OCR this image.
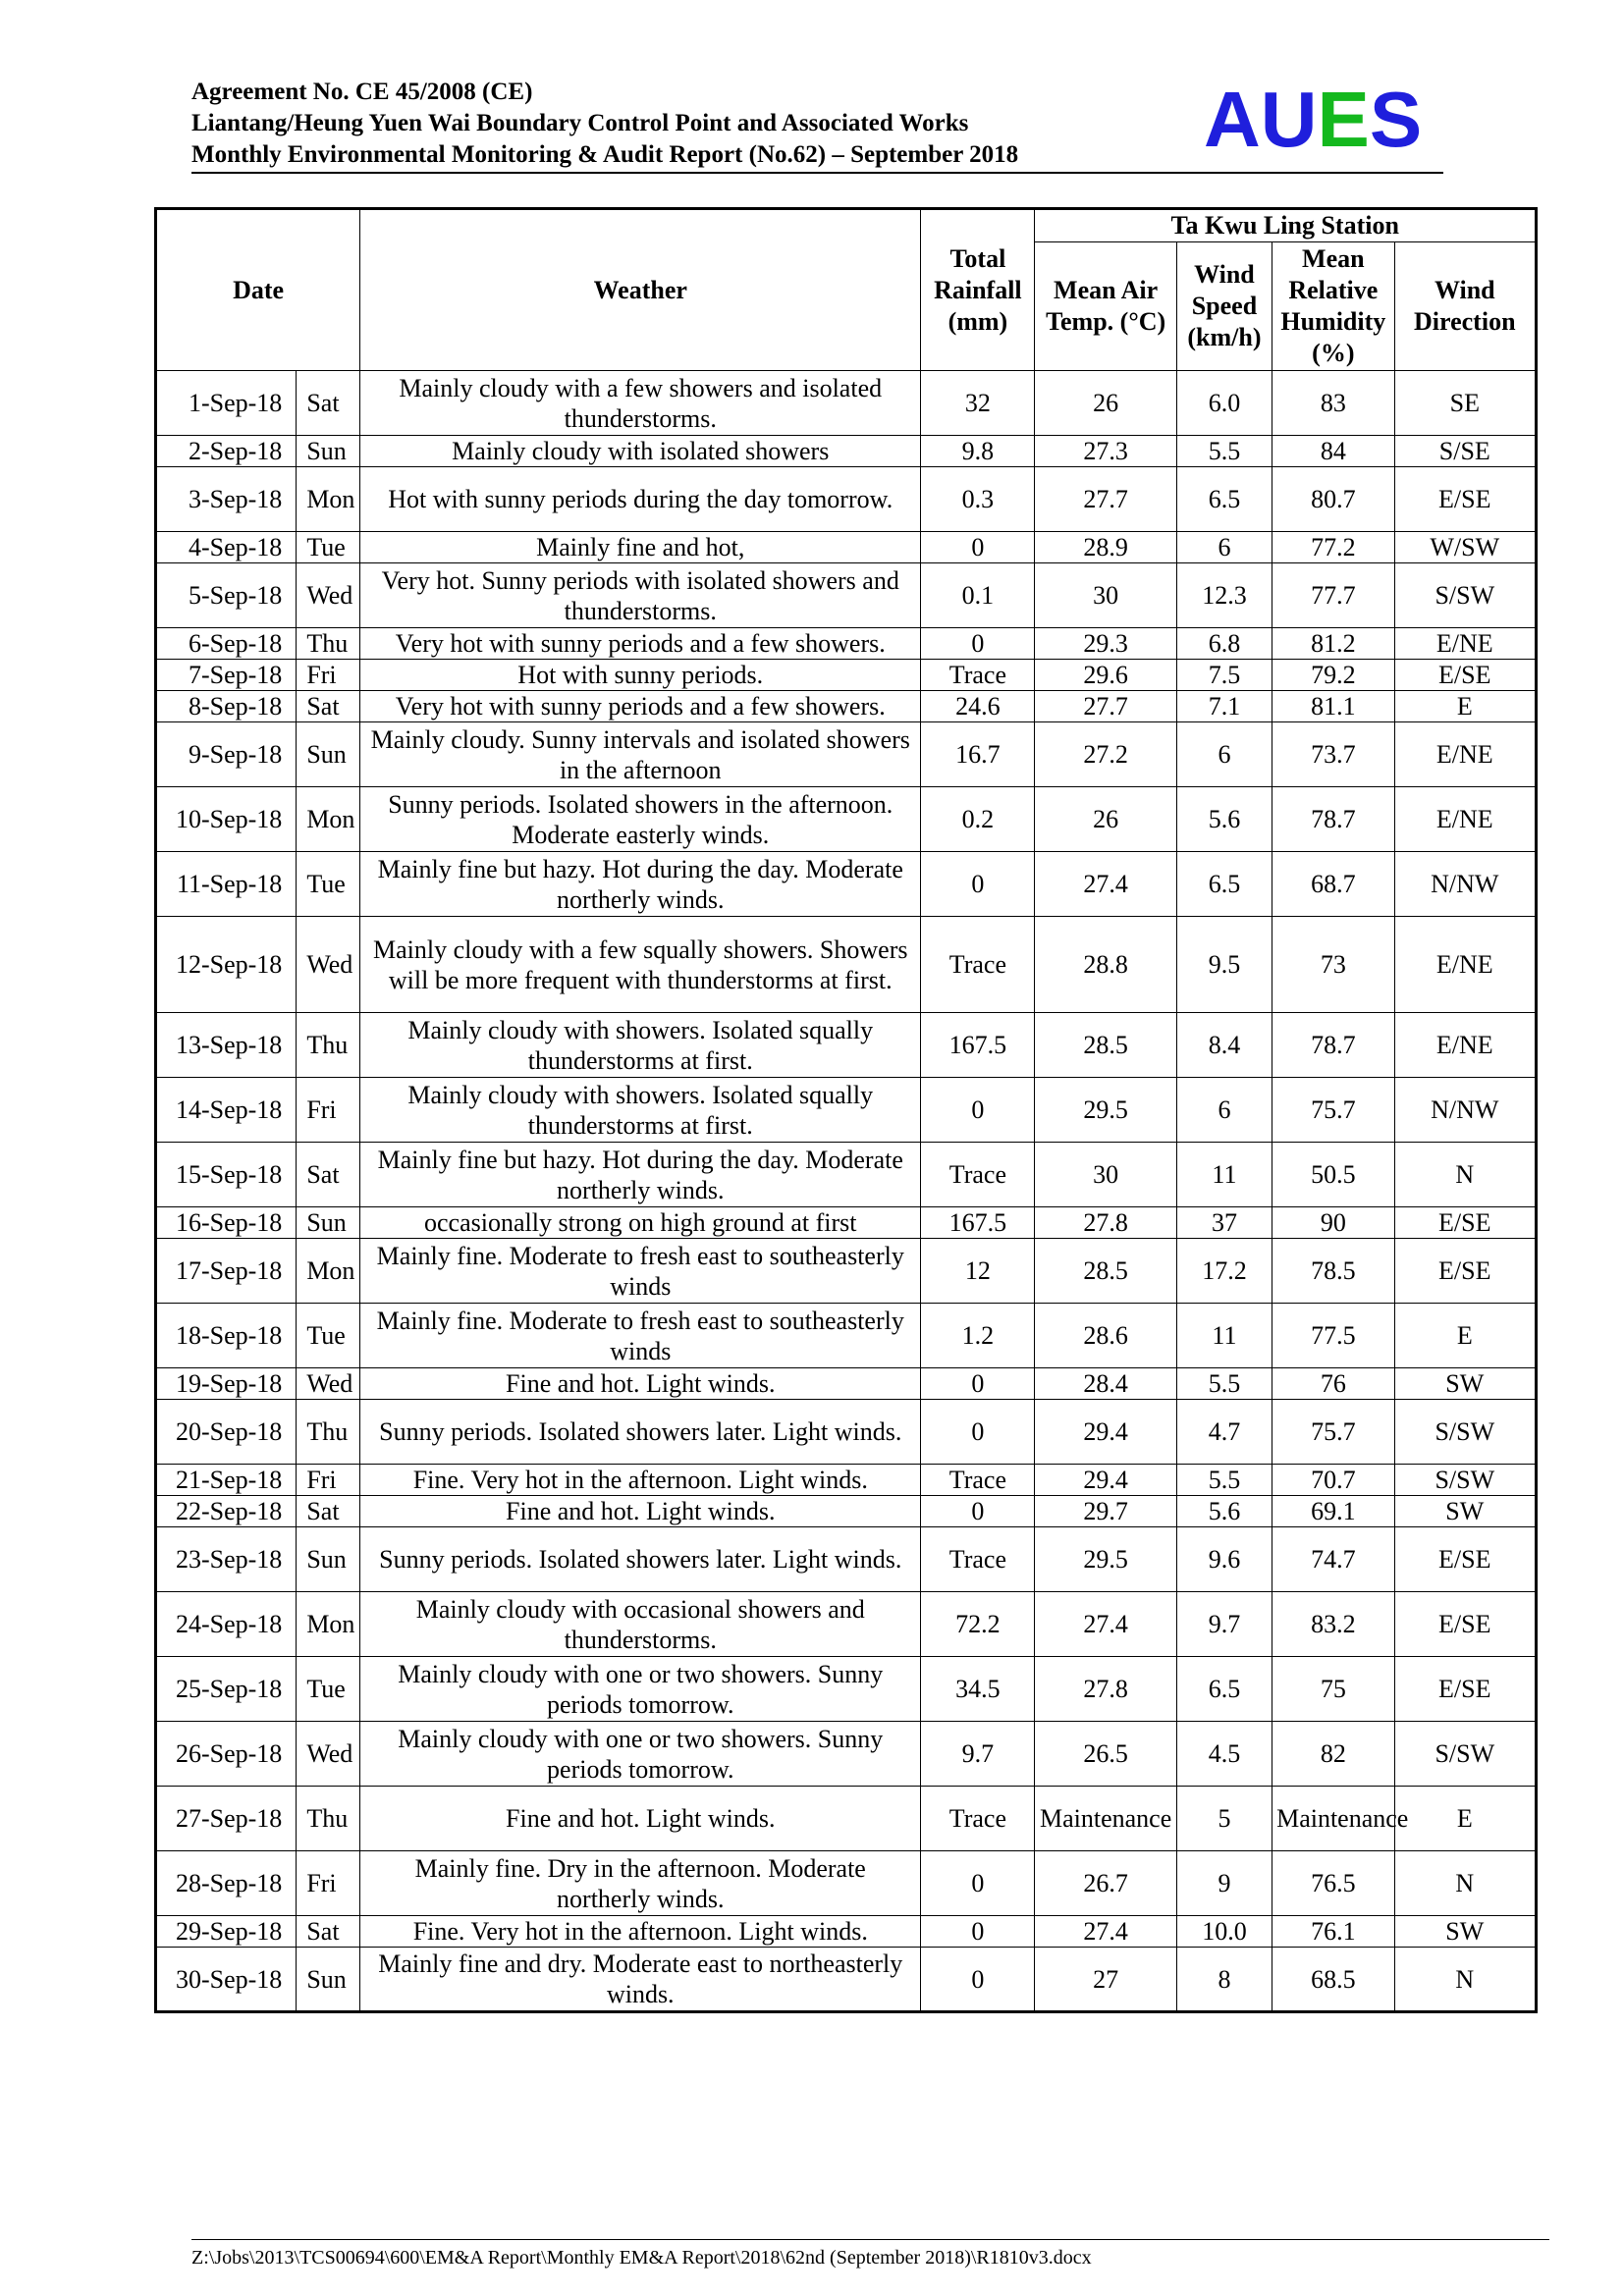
Agreement No. CE 45/2008 (CE)
Liantang/Heung Yuen Wai Boundary Control Point and Associated Works
Monthly Environmental Monitoring & Audit Report (No.62) – September 2018	AUES
Date		Weather	Total Rainfall (mm)	Ta Kwu Ling Station			
				Mean Air Temp. (°C)	Wind Speed (km/h)	Mean Relative Humidity (%)	Wind Direction
1-Sep-18	Sat	Mainly cloudy with a few showers and isolated thunderstorms.	32	26	6.0	83	SE
2-Sep-18	Sun	Mainly cloudy with isolated showers	9.8	27.3	5.5	84	S/SE
3-Sep-18	Mon	Hot with sunny periods during the day tomorrow.	0.3	27.7	6.5	80.7	E/SE
4-Sep-18	Tue	Mainly fine and hot,	0	28.9	6	77.2	W/SW
5-Sep-18	Wed	Very hot. Sunny periods with isolated showers and thunderstorms.	0.1	30	12.3	77.7	S/SW
6-Sep-18	Thu	Very hot with sunny periods and a few showers.	0	29.3	6.8	81.2	E/NE
7-Sep-18	Fri	Hot with sunny periods.	Trace	29.6	7.5	79.2	E/SE
8-Sep-18	Sat	Very hot with sunny periods and a few showers.	24.6	27.7	7.1	81.1	E
9-Sep-18	Sun	Mainly cloudy. Sunny intervals and isolated showers in the afternoon	16.7	27.2	6	73.7	E/NE
10-Sep-18	Mon	Sunny periods. Isolated showers in the afternoon. Moderate easterly winds.	0.2	26	5.6	78.7	E/NE
11-Sep-18	Tue	Mainly fine but hazy. Hot during the day. Moderate northerly winds.	0	27.4	6.5	68.7	N/NW
12-Sep-18	Wed	Mainly cloudy with a few squally showers. Showers will be more frequent with thunderstorms at first.	Trace	28.8	9.5	73	E/NE
13-Sep-18	Thu	Mainly cloudy with showers. Isolated squally thunderstorms at first.	167.5	28.5	8.4	78.7	E/NE
14-Sep-18	Fri	Mainly cloudy with showers. Isolated squally thunderstorms at first.	0	29.5	6	75.7	N/NW
15-Sep-18	Sat	Mainly fine but hazy. Hot during the day. Moderate northerly winds.	Trace	30	11	50.5	N
16-Sep-18	Sun	occasionally strong on high ground at first	167.5	27.8	37	90	E/SE
17-Sep-18	Mon	Mainly fine. Moderate to fresh east to southeasterly winds	12	28.5	17.2	78.5	E/SE
18-Sep-18	Tue	Mainly fine. Moderate to fresh east to southeasterly winds	1.2	28.6	11	77.5	E
19-Sep-18	Wed	Fine and hot. Light winds.	0	28.4	5.5	76	SW
20-Sep-18	Thu	Sunny periods. Isolated showers later. Light winds.	0	29.4	4.7	75.7	S/SW
21-Sep-18	Fri	Fine. Very hot in the afternoon. Light winds.	Trace	29.4	5.5	70.7	S/SW
22-Sep-18	Sat	Fine and hot. Light winds.	0	29.7	5.6	69.1	SW
23-Sep-18	Sun	Sunny periods. Isolated showers later. Light winds.	Trace	29.5	9.6	74.7	E/SE
24-Sep-18	Mon	Mainly cloudy with occasional showers and thunderstorms.	72.2	27.4	9.7	83.2	E/SE
25-Sep-18	Tue	Mainly cloudy with one or two showers. Sunny periods tomorrow.	34.5	27.8	6.5	75	E/SE
26-Sep-18	Wed	Mainly cloudy with one or two showers. Sunny periods tomorrow.	9.7	26.5	4.5	82	S/SW
27-Sep-18	Thu	Fine and hot. Light winds.	Trace	Maintenance	5	Maintenance	E
28-Sep-18	Fri	Mainly fine. Dry in the afternoon. Moderate northerly winds.	0	26.7	9	76.5	N
29-Sep-18	Sat	Fine. Very hot in the afternoon. Light winds.	0	27.4	10.0	76.1	SW
30-Sep-18	Sun	Mainly fine and dry. Moderate east to northeasterly winds.	0	27	8	68.5	N
Z:\Jobs\2013\TCS00694\600\EM&A Report\Monthly EM&A Report\2018\62nd (September 2018)\R1810v3.docx
